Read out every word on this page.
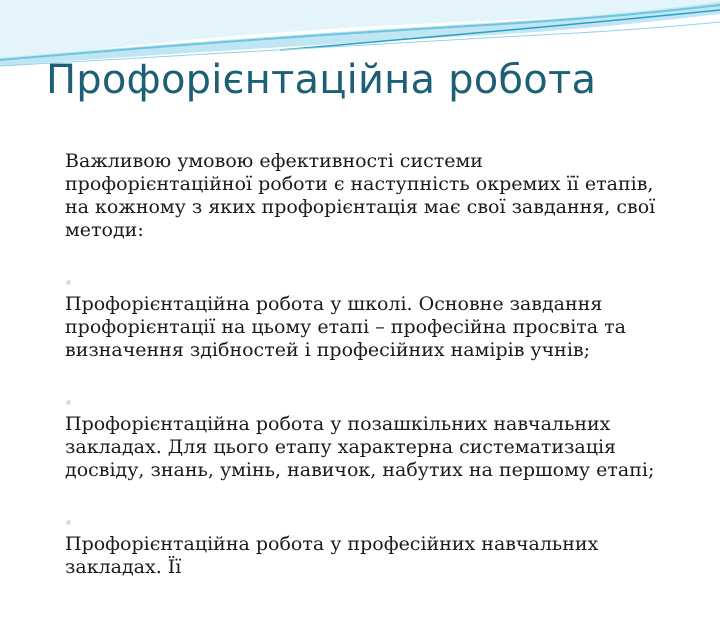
Профорієнтаційна робота

Важливою умовою ефективності системи профорієнтаційної роботи є наступність окремих її етапів, на кожному з яких профорієнтація має свої завдання, свої методи:

Профорієнтаційна робота у школі. Основне завдання профорієнтації на цьому етапі – професійна просвіта та визначення здібностей і професійних намірів учнів;

Профорієнтаційна робота у позашкільних навчальних закладах. Для цього етапу характерна систематизація досвіду, знань, умінь, навичок, набутих на першому етапі;

Профорієнтаційна робота у професійних навчальних закладах. Її
